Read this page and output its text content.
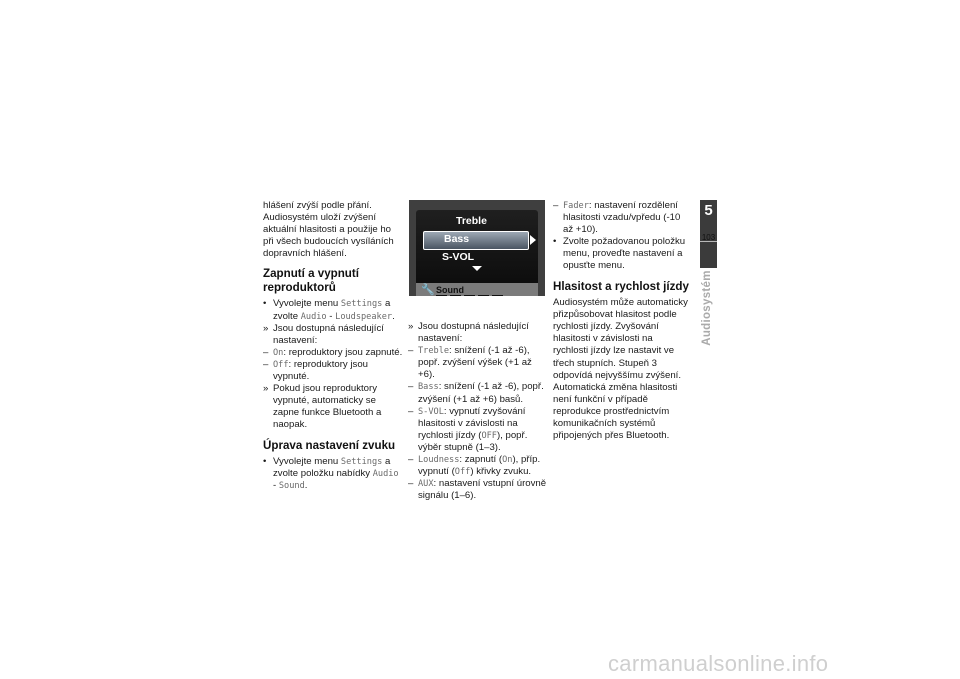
hlášení zvýší podle přání. Audiosystém uloží zvýšení aktuální hlasitosti a použije ho při všech budoucích vysíláních dopravních hlášení.

Zapnutí a vypnutí reproduktorů
• Vyvolejte menu Settings a zvolte Audio - Loudspeaker.
» Jsou dostupná následující nastavení:
– On: reproduktory jsou zapnuté.
– Off: reproduktory jsou vypnuté.
» Pokud jsou reproduktory vypnuté, automaticky se zapne funkce Bluetooth a naopak.
Úprava nastavení zvuku
• Vyvolejte menu Settings a zvolte položku nabídky Audio - Sound.
Treble
Bass
S-VOL
🔧 Sound
» Jsou dostupná následující nastavení:
– Treble: snížení (-1 až -6), popř. zvýšení výšek (+1 až +6).
– Bass: snížení (-1 až -6), popř. zvýšení (+1 až +6) basů.
– S-VOL: vypnutí zvyšování hlasitosti v závislosti na rychlosti jízdy (OFF), popř. výběr stupně (1–3).
– Loudness: zapnutí (On), příp. vypnutí (Off) křivky zvuku.
– AUX: nastavení vstupní úrovně signálu (1–6).
– Fader: nastavení rozdělení hlasitosti vzadu/vpředu (-10 až +10).
• Zvolte požadovanou položku menu, proveďte nastavení a opusťte menu.
Hlasitost a rychlost jízdy

Audiosystém může automaticky přizpůsobovat hlasitost podle rychlosti jízdy. Zvyšování hlasitosti v závislosti na rychlosti jízdy lze nastavit ve třech stupních. Stupeň 3 odpovídá nejvyššímu zvýšení.

Automatická změna hlasitosti není funkční v případě reprodukce prostřednictvím komunikačních systémů připojených přes Bluetooth.

5
103
Audiosystém
carmanualsonline.info
